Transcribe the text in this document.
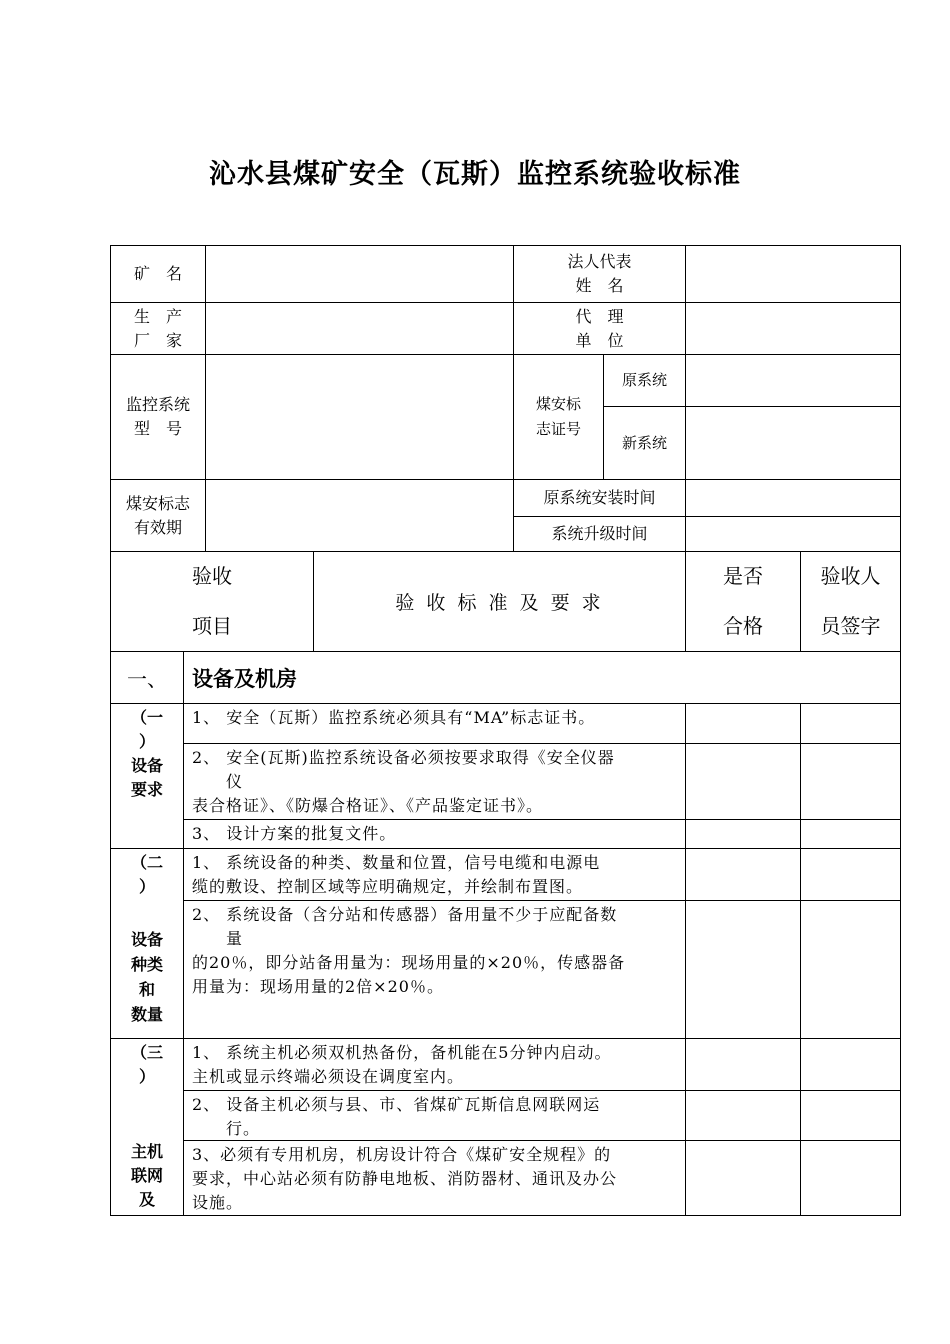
沁水县煤矿安全（瓦斯）监控系统验收标准
矿　名
法人代表
姓　名
生　产
厂　家
代　理
单　位
监控系统
型　号
煤安标
志证号
原系统
新系统
煤安标志
有效期
原系统安装时间
系统升级时间
验收

项目
验 收 标 准 及 要 求
是否

合格
验收人

员签字
一、	设备及机房
（一
）
设备
要求
1、 安全（瓦斯）监控系统必须具有“MA”标志证书。
2、 安全(瓦斯)监控系统设备必须按要求取得《安全仪器
仪
表合格证》、《防爆合格证》、《产品鉴定证书》。
3、 设计方案的批复文件。
（二
）
设备
种类
和
数量
1、 系统设备的种类、数量和位置，信号电缆和电源电
缆的敷设、控制区域等应明确规定，并绘制布置图。
2、 系统设备（含分站和传感器）备用量不少于应配备数
量
的20％，即分站备用量为：现场用量的×20％，传感器备
用量为：现场用量的2倍×20％。
（三
）
主机
联网
及
1、 系统主机必须双机热备份，备机能在5分钟内启动。
主机或显示终端必须设在调度室内。
2、 设备主机必须与县、市、省煤矿瓦斯信息网联网运
行。
3、必须有专用机房，机房设计符合《煤矿安全规程》的
要求，中心站必须有防静电地板、消防器材、通讯及办公
设施。
